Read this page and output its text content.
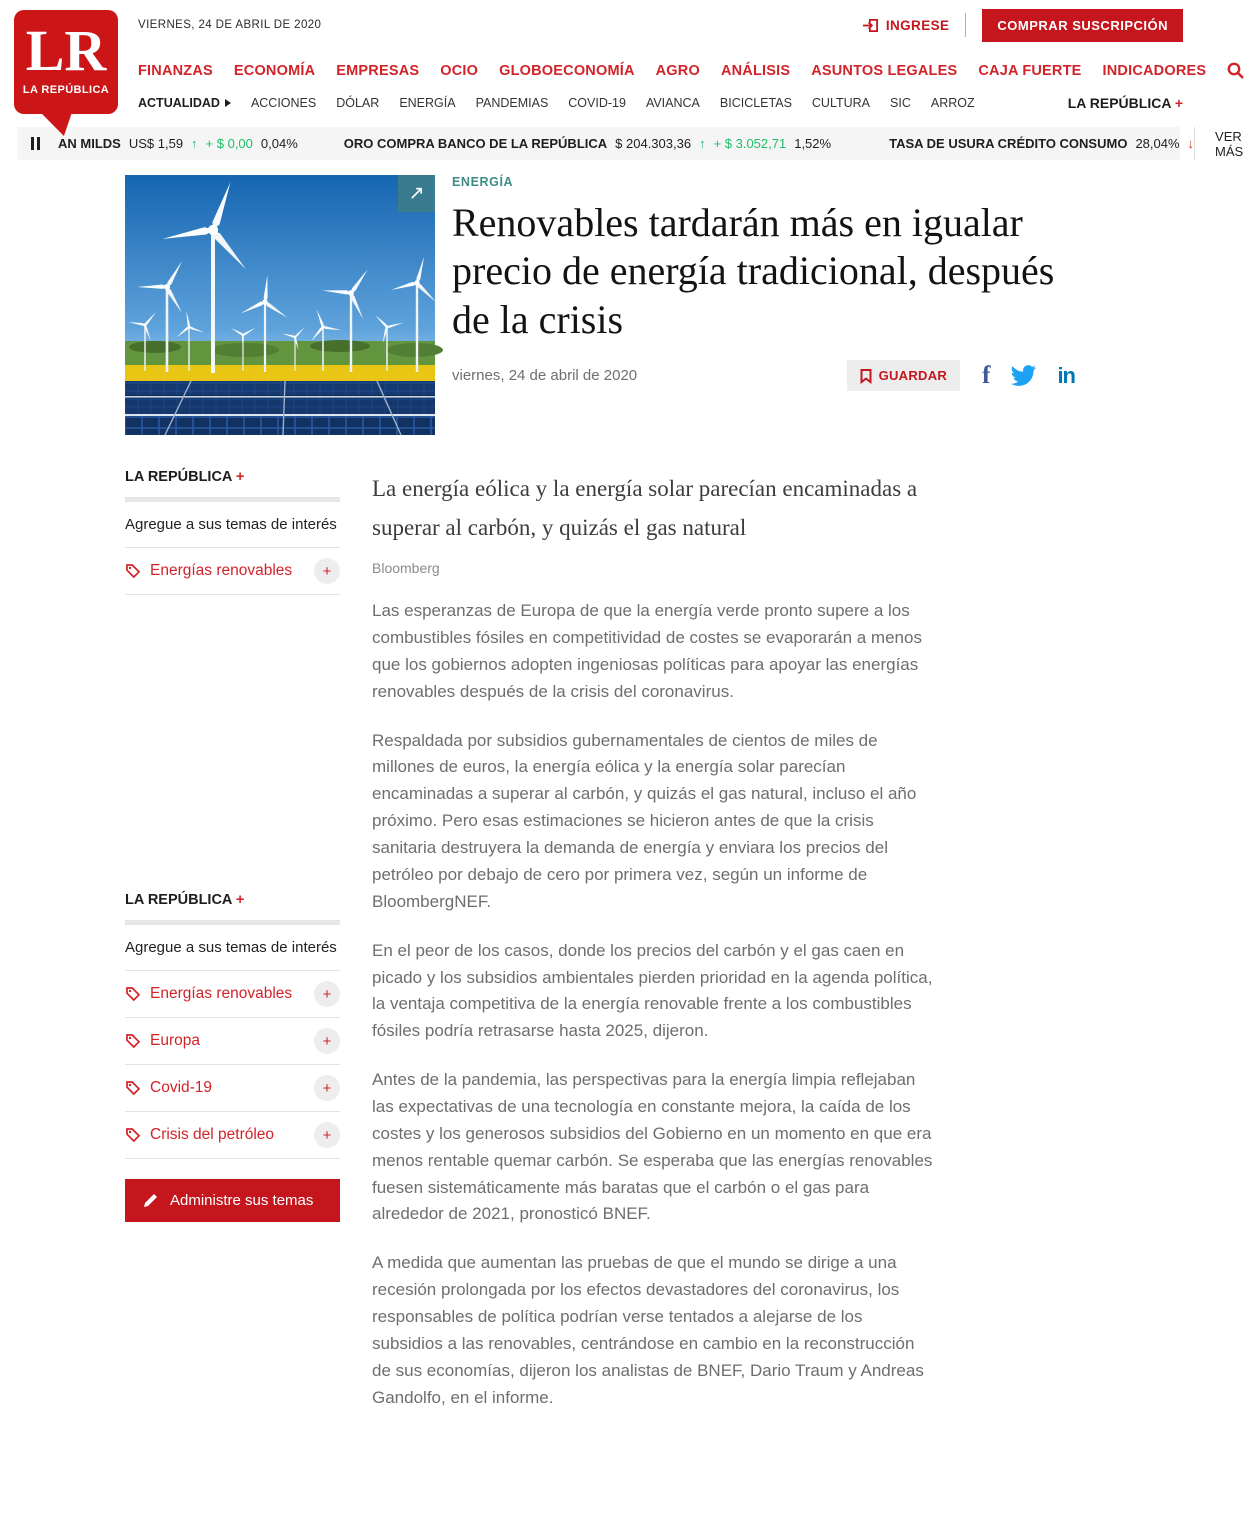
LR
LA REPÚBLICA
VIERNES, 24 DE ABRIL DE 2020	INGRESE	COMPRAR SUSCRIPCIÓN
FINANZAS ECONOMÍA EMPRESAS OCIO GLOBOECONOMÍA AGRO ANÁLISIS ASUNTOS LEGALES CAJA FUERTE INDICADORES
ACTUALIDAD ACCIONES DÓLAR ENERGÍA PANDEMIAS COVID-19 AVIANCA BICICLETAS CULTURA SIC ARROZ	LA REPÚBLICA +
AN MILDS US$ 1,59 ↑ + $ 0,00 0,04%	ORO COMPRA BANCO DE LA REPÚBLICA $ 204.303,36 ↑ + $ 3.052,71 1,52%	TASA DE USURA CRÉDITO CONSUMO 28,04% ↓	VER MÁS
↗
ENERGÍA
Renovables tardarán más en igualar precio de energía tradicional, después de la crisis
viernes, 24 de abril de 2020	GUARDAR f	in
LA REPÚBLICA +
Agregue a sus temas de interés
Energías renovables	+
LA REPÚBLICA +
Agregue a sus temas de interés
Energías renovables	+
Europa	+
Covid-19	+
Crisis del petróleo	+
Administre sus temas
La energía eólica y la energía solar parecían encaminadas a superar al carbón, y quizás el gas natural
Bloomberg

Las esperanzas de Europa de que la energía verde pronto supere a los combustibles fósiles en competitividad de costes se evaporarán a menos que los gobiernos adopten ingeniosas políticas para apoyar las energías renovables después de la crisis del coronavirus.

Respaldada por subsidios gubernamentales de cientos de miles de millones de euros, la energía eólica y la energía solar parecían encaminadas a superar al carbón, y quizás el gas natural, incluso el año próximo. Pero esas estimaciones se hicieron antes de que la crisis sanitaria destruyera la demanda de energía y enviara los precios del petróleo por debajo de cero por primera vez, según un informe de BloombergNEF.

En el peor de los casos, donde los precios del carbón y el gas caen en picado y los subsidios ambientales pierden prioridad en la agenda política, la ventaja competitiva de la energía renovable frente a los combustibles fósiles podría retrasarse hasta 2025, dijeron.

Antes de la pandemia, las perspectivas para la energía limpia reflejaban las expectativas de una tecnología en constante mejora, la caída de los costes y los generosos subsidios del Gobierno en un momento en que era menos rentable quemar carbón. Se esperaba que las energías renovables fuesen sistemáticamente más baratas que el carbón o el gas para alrededor de 2021, pronosticó BNEF.

A medida que aumentan las pruebas de que el mundo se dirige a una recesión prolongada por los efectos devastadores del coronavirus, los responsables de política podrían verse tentados a alejarse de los subsidios a las renovables, centrándose en cambio en la reconstrucción de sus economías, dijeron los analistas de BNEF, Dario Traum y Andreas Gandolfo, en el informe.
